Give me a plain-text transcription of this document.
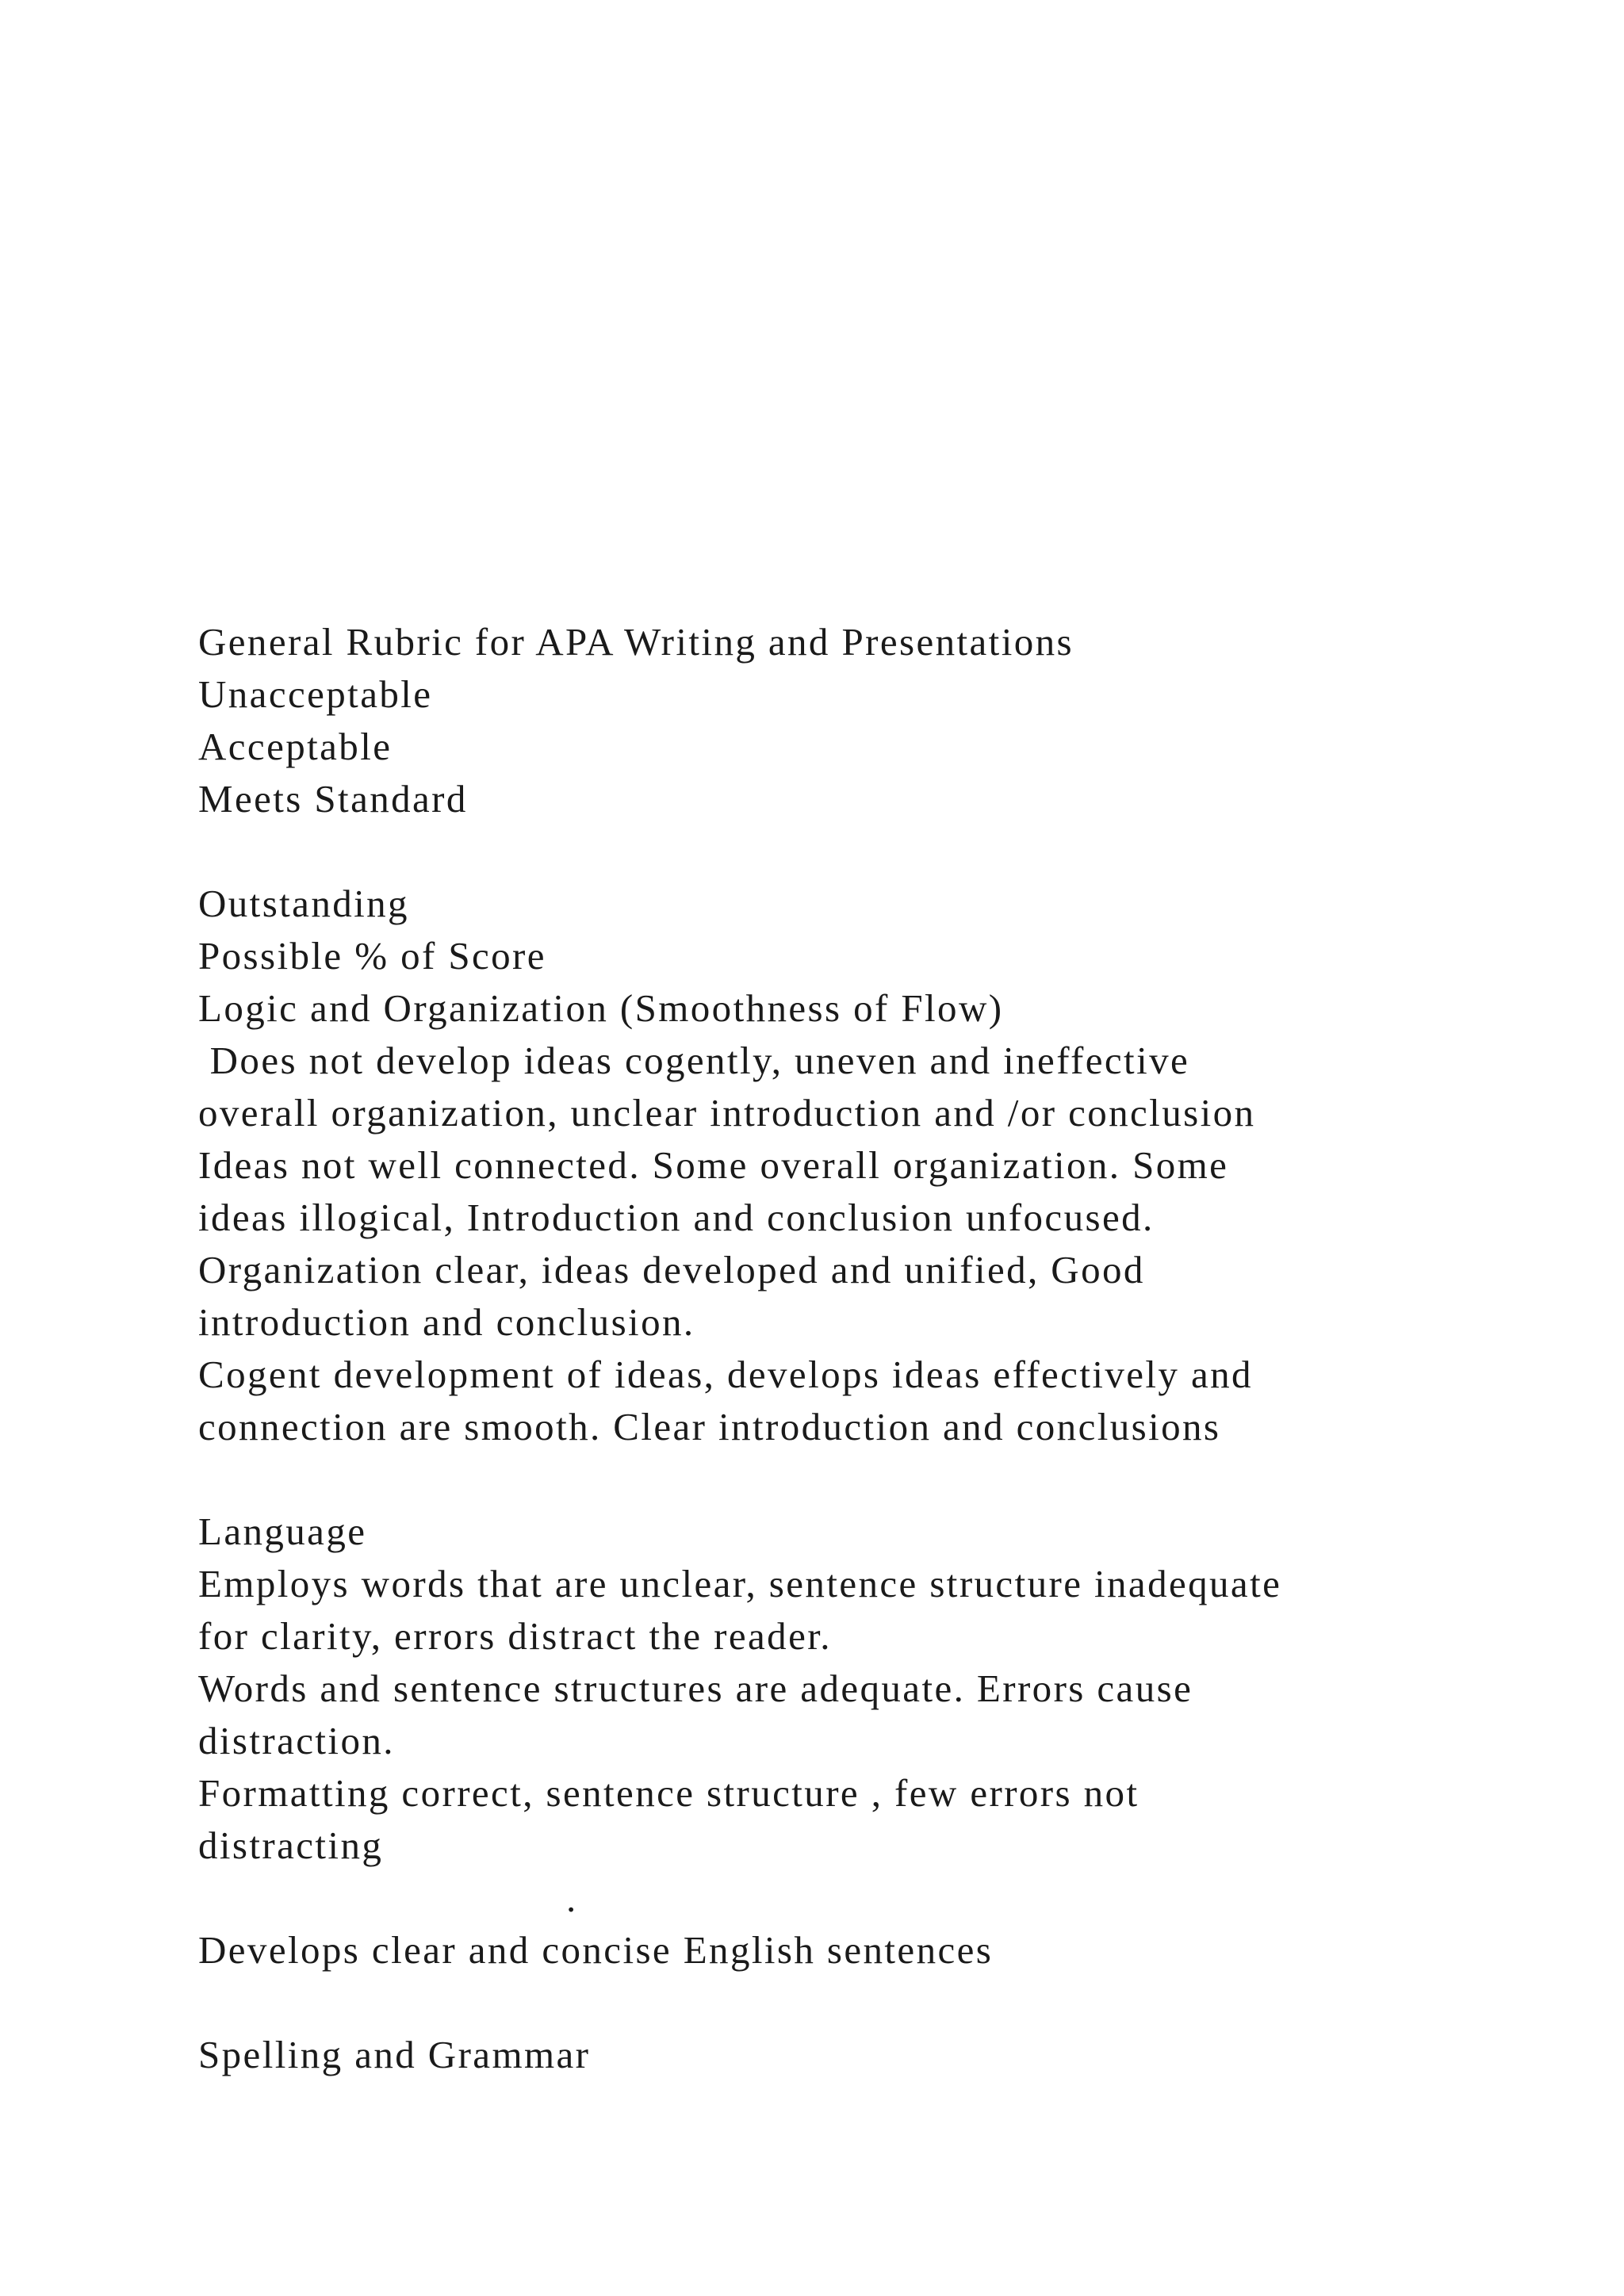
General Rubric for APA Writing and Presentations
Unacceptable
Acceptable
Meets Standard
Outstanding
Possible % of Score
Logic and Organization (Smoothness of Flow)
Does not develop ideas cogently, uneven and ineffective
overall organization, unclear introduction and /or conclusion
Ideas not well connected. Some overall organization. Some
ideas illogical, Introduction and conclusion unfocused.
Organization clear, ideas developed and unified, Good
introduction and conclusion.
Cogent development of ideas, develops ideas effectively and
connection are smooth. Clear introduction and conclusions
Language
Employs words that are unclear, sentence structure inadequate
for clarity, errors distract the reader.
Words and sentence structures are adequate. Errors cause
distraction.
Formatting correct, sentence structure , few errors not
distracting
.
Develops clear and concise English sentences
Spelling and Grammar
